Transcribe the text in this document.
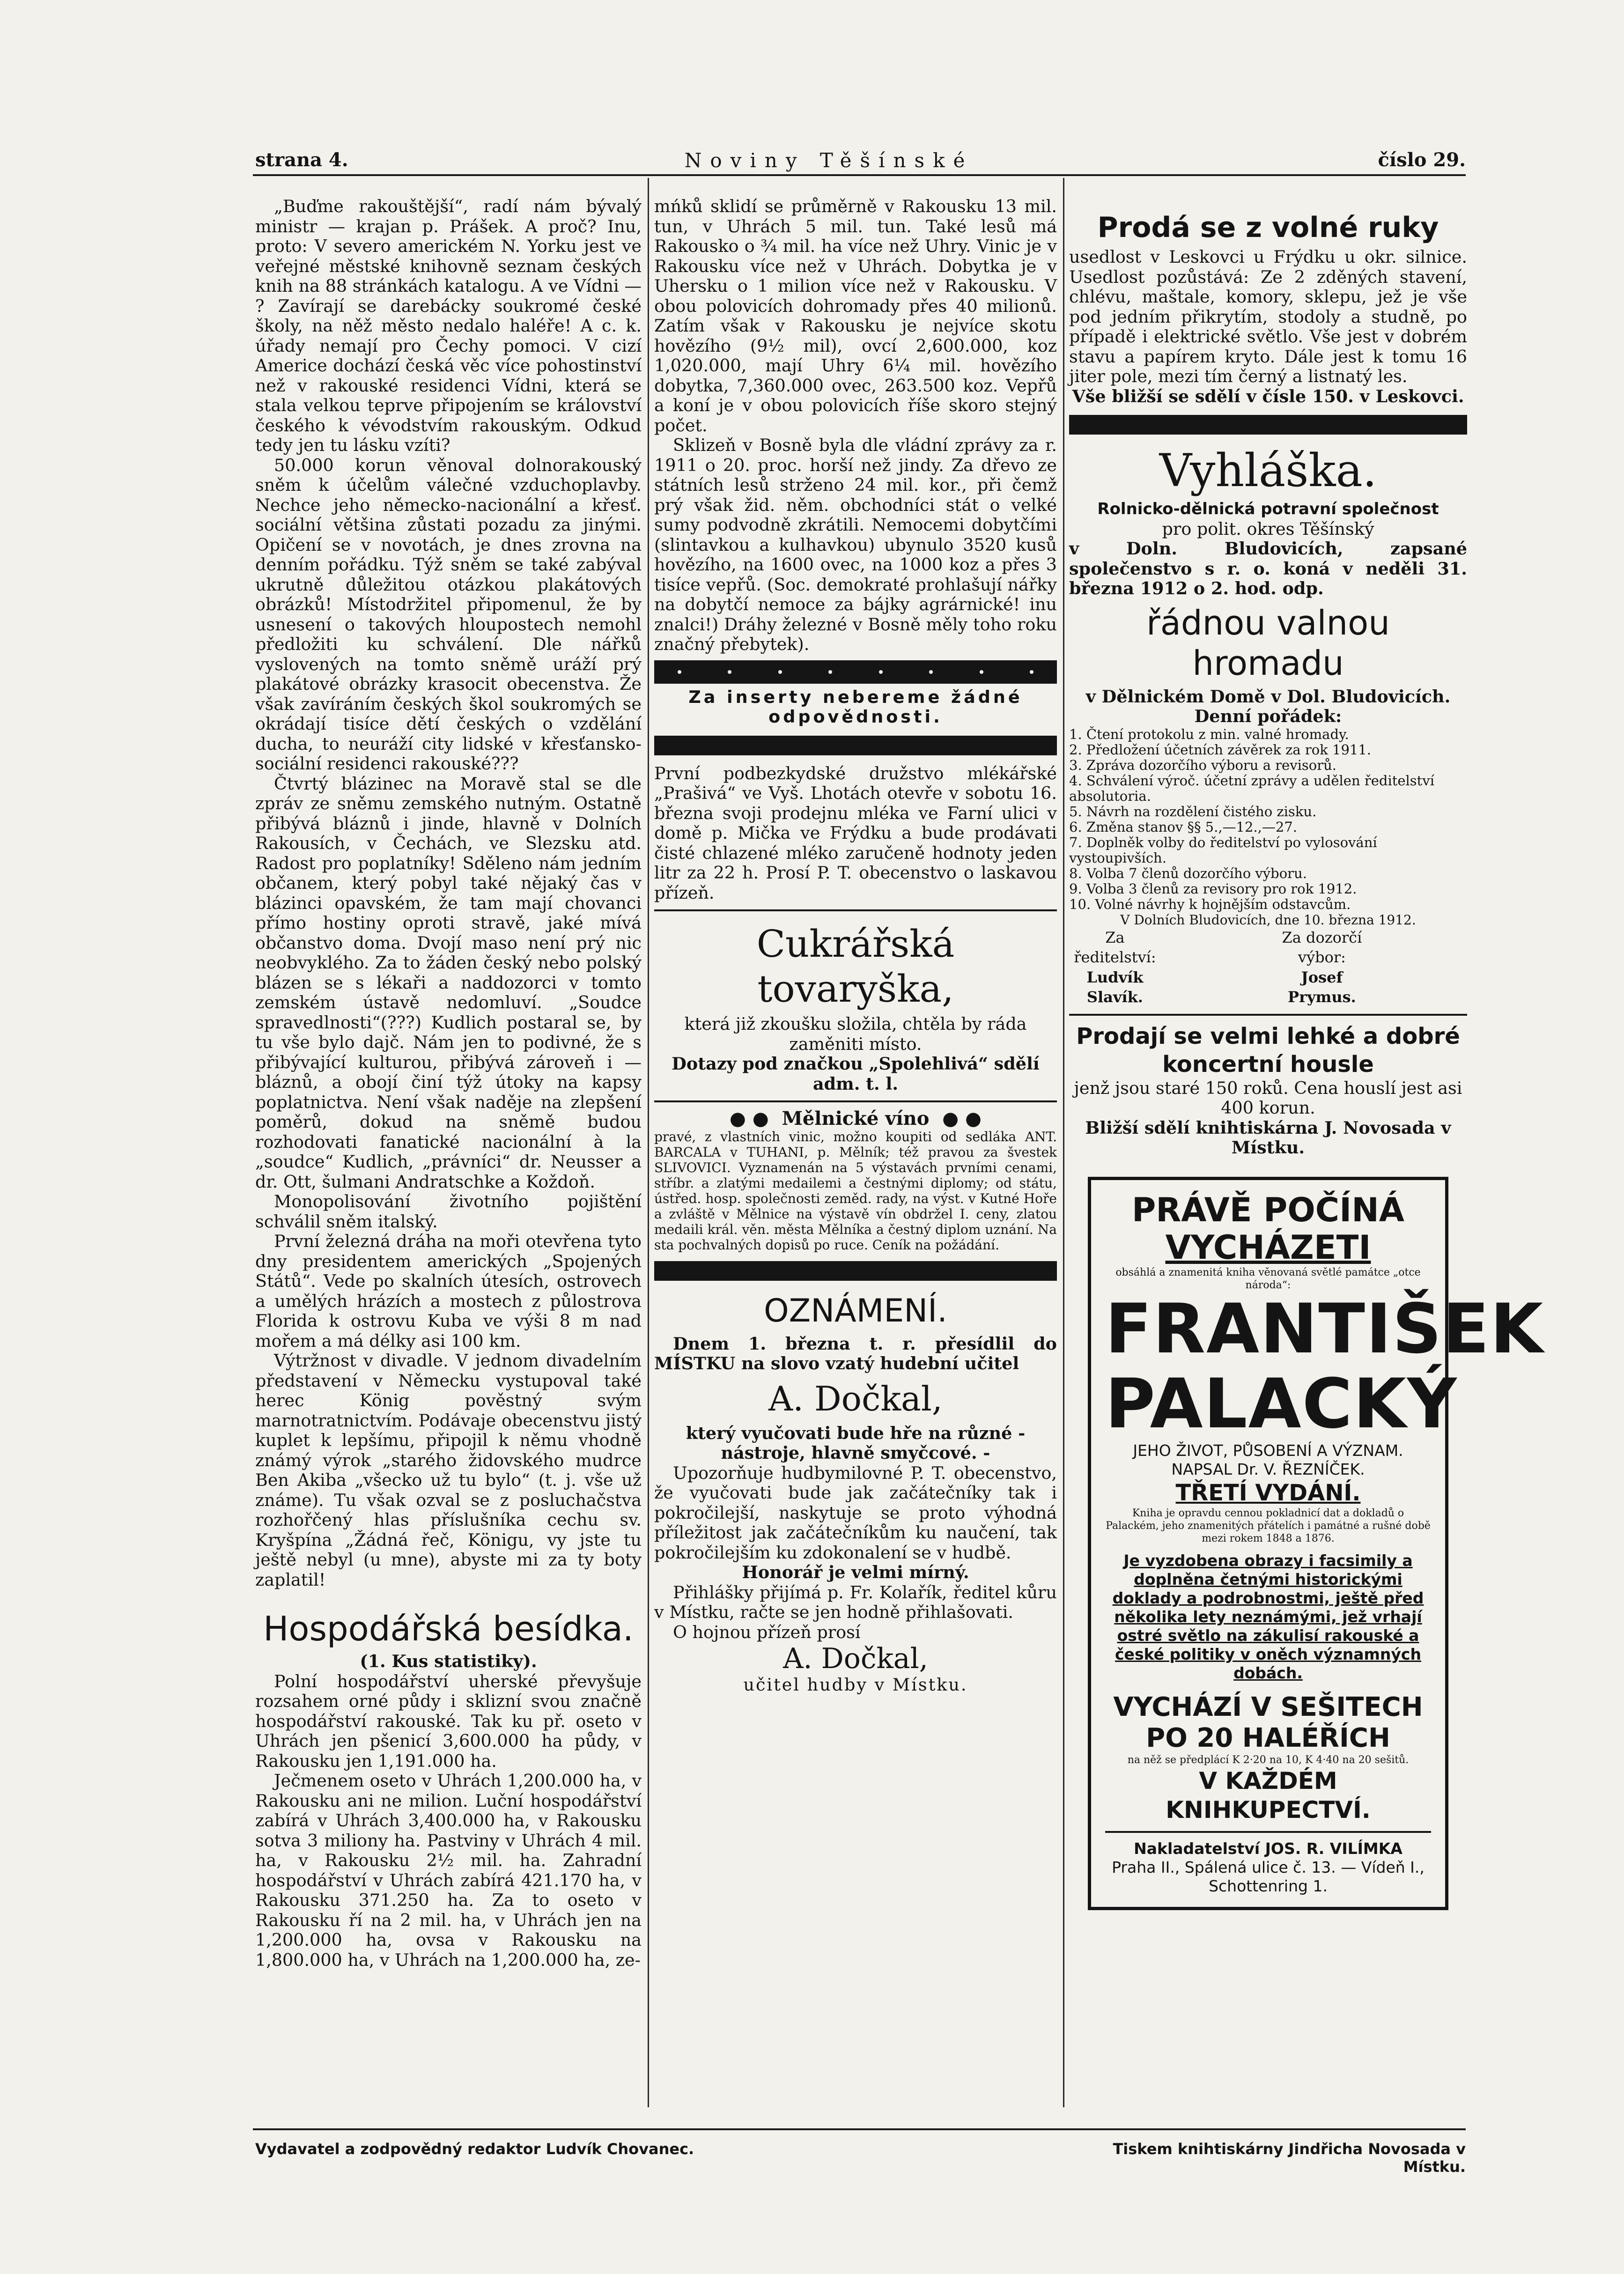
strana 4.	Noviny Těšínské	číslo 29.

„Buďme rakouštější“, radí nám bývalý ministr — krajan p. Prášek. A proč? Inu, proto: V severo americkém N. Yorku jest ve veřejné městské knihovně seznam českých knih na 88 stránkách katalogu. A ve Vídni — ? Zavírají se darebácky soukromé české školy, na něž město nedalo haléře! A c. k. úřady nemají pro Čechy pomoci. V cizí Americe dochází česká věc více pohostinství než v rakouské residenci Vídni, která se stala velkou teprve připojením se království českého k vévodstvím rakouským. Odkud tedy jen tu lásku vzíti?

50.000 korun věnoval dolnorakouský sněm k účelům válečné vzduchoplavby. Nechce jeho německo-nacionální a křesť. sociální většina zůstati pozadu za jinými. Opičení se v novotách, je dnes zrovna na denním pořádku. Týž sněm se také zabýval ukrutně důležitou otázkou plakátových obrázků! Místodržitel připomenul, že by usnesení o takových hloupostech nemohl předložiti ku schválení. Dle nářků vyslovených na tomto sněmě uráží prý plakátové obrázky krasocit obecenstva. Že však zavíráním českých škol soukromých se okrádají tisíce dětí českých o vzdělání ducha, to neuráží city lidské v křesťansko-sociální residenci rakouské???

Čtvrtý blázinec na Moravě stal se dle zpráv ze sněmu zemského nutným. Ostatně přibývá bláznů i jinde, hlavně v Dolních Rakousích, v Čechách, ve Slezsku atd. Radost pro poplatníky! Sděleno nám jedním občanem, který pobyl také nějaký čas v blázinci opavském, že tam mají chovanci přímo hostiny oproti stravě, jaké mívá občanstvo doma. Dvojí maso není prý nic neobvyklého. Za to žáden český nebo polský blázen se s lékaři a naddozorci v tomto zemském ústavě nedomluví. „Soudce spravedlnosti“(???) Kudlich postaral se, by tu vše bylo dajč. Nám jen to podivné, že s přibývající kulturou, přibývá zároveň i — bláznů, a obojí činí týž útoky na kapsy poplatnictva. Není však naděje na zlepšení poměrů, dokud na sněmě budou rozhodovati fanatické nacionální à la „soudce“ Kudlich, „právníci“ dr. Neusser a dr. Ott, šulmani Andratschke a Koždoň.

Monopolisování životního pojištění schválil sněm italský.

První železná dráha na moři otevřena tyto dny presidentem amerických „Spojených Států“. Vede po skalních útesích, ostrovech a umělých hrázích a mostech z půlostrova Florida k ostrovu Kuba ve výši 8 m nad mořem a má délky asi 100 km.

Výtržnost v divadle. V jednom divadelním představení v Německu vystupoval také herec König pověstný svým marnotratnictvím. Podávaje obecenstvu jistý kuplet k lepšímu, připojil k němu vhodně známý výrok „starého židovského mudrce Ben Akiba „všecko už tu bylo“ (t. j. vše už známe). Tu však ozval se z posluchačstva rozhořčený hlas příslušníka cechu sv. Kryšpína „Žádná řeč, Königu, vy jste tu ještě nebyl (u mne), abyste mi za ty boty zaplatil!

Hospodářská besídka.

(1. Kus statistiky).

Polní hospodářství uherské převyšuje rozsahem orné půdy i sklizní svou značně hospodářství rakouské. Tak ku př. oseto v Uhrách jen pšenicí 3,600.000 ha půdy, v Rakousku jen 1,191.000 ha.

Ječmenem oseto v Uhrách 1,200.000 ha, v Rakousku ani ne milion. Luční hospodářství zabírá v Uhrách 3,400.000 ha, v Rakousku sotva 3 miliony ha. Pastviny v Uhrách 4 mil. ha, v Rakousku 2½ mil. ha. Zahradní hospodářství v Uhrách zabírá 421.170 ha, v Rakousku 371.250 ha. Za to oseto v Rakousku ří na 2 mil. ha, v Uhrách jen na 1,200.000 ha, ovsa v Rakousku na 1,800.000 ha, v Uhrách na 1,200.000 ha, ze-

mńků sklidí se průměrně v Rakousku 13 mil. tun, v Uhrách 5 mil. tun. Také lesů má Rakousko o ¾ mil. ha více než Uhry. Vinic je v Rakousku více než v Uhrách. Dobytka je v Uhersku o 1 milion více než v Rakousku. V obou polovicích dohromady přes 40 milionů. Zatím však v Rakousku je nejvíce skotu hovězího (9½ mil), ovcí 2,600.000, koz 1,020.000, mají Uhry 6¼ mil. hovězího dobytka, 7,360.000 ovec, 263.500 koz. Vepřů a koní je v obou polovicích říše skoro stejný počet.

Sklizeň v Bosně byla dle vládní zprávy za r. 1911 o 20. proc. horší než jindy. Za dřevo ze státních lesů strženo 24 mil. kor., při čemž prý však žid. něm. obchodníci stát o velké sumy podvodně zkrátili. Nemocemi dobytčími (slintavkou a kulhavkou) ubynulo 3520 kusů hovězího, na 1600 ovec, na 1000 koz a přes 3 tisíce vepřů. (Soc. demokraté prohlašují nářky na dobytčí nemoce za bájky agrárnické! inu znalci!) Dráhy železné v Bosně měly toho roku značný přebytek).

Za inserty nebereme žádné odpovědnosti.

První podbezkydské družstvo mlékářské „Prašivá“ ve Vyš. Lhotách otevře v sobotu 16. března svoji prodejnu mléka ve Farní ulici v domě p. Mička ve Frýdku a bude prodávati čisté chlazené mléko zaručeně hodnoty jeden litr za 22 h. Prosí P. T. obecenstvo o laskavou přízeň.

Cukrářská tovaryška,

která již zkoušku složila, chtěla by ráda zaměniti místo.

Dotazy pod značkou „Spolehlivá“ sdělí adm. t. l.

● ●  Mělnické víno  ● ●

pravé, z vlastních vinic, možno koupiti od sedláka ANT. BARCALA v TUHANI, p. Mělník; též pravou za švestek SLIVOVICI. Vyznamenán na 5 výstavách prvními cenami, stříbr. a zlatými medailemi a čestnými diplomy; od státu, ústřed. hosp. společnosti zeměd. rady, na výst. v Kutné Hoře a zvláště v Mělnice na výstavě vín obdržel I. ceny, zlatou medaili král. věn. města Mělníka a čestný diplom uznání. Na sta pochvalných dopisů po ruce. Ceník na požádání.

OZNÁMENÍ.

Dnem 1. března t. r. přesídlil do MÍSTKU na slovo vzatý hudební učitel

A. Dočkal,

který vyučovati bude hře na různé - nástroje, hlavně smyčcové. -

Upozorňuje hudbymilovné P. T. obecenstvo, že vyučovati bude jak začátečníky tak i pokročilejší, naskytuje se proto výhodná příležitost jak začátečníkům ku naučení, tak pokročilejším ku zdokonalení se v hudbě.

Honorář je velmi mírný.

Přihlášky přijímá p. Fr. Kolařík, ředitel kůru v Místku, račte se jen hodně přihlašovati.

O hojnou přízeň prosí

A. Dočkal,

učitel hudby v Místku.

Prodá se z volné ruky

usedlost v Leskovci u Frýdku u okr. silnice. Usedlost pozůstává: Ze 2 zděných stavení, chlévu, maštale, komory, sklepu, jež je vše pod jedním přikrytím, stodoly a studně, po případě i elektrické světlo. Vše jest v dobrém stavu a papírem kryto. Dále jest k tomu 16 jiter pole, mezi tím černý a listnatý les.

Vše bližší se sdělí v čísle 150. v Leskovci.

Vyhláška.

Rolnicko-dělnická potravní společnost

pro polit. okres Těšínský

v Doln. Bludovicích, zapsané společenstvo s r. o. koná v neděli 31. března 1912 o 2. hod. odp.

řádnou valnou hromadu

v Dělnickém Domě v Dol. Bludovicích.

Denní pořádek:

1. Čtení protokolu z min. valné hromady.
2. Předložení účetních závěrek za rok 1911.
3. Zpráva dozorčího výboru a revisorů.
4. Schválení výroč. účetní zprávy a udělen ředitelství absolutoria.
5. Návrh na rozdělení čistého zisku.
6. Změna stanov §§ 5.,—12.,—27.
7. Doplněk volby do ředitelství po vylosování vystoupivších.
8. Volba 7 členů dozorčího výboru.
9. Volba 3 členů za revisory pro rok 1912.
10. Volné návrhy k hojnějším odstavcům.

V Dolních Bludovicích, dne 10. března 1912.

Za ředitelství:
Ludvík Slavík.
Za dozorčí výbor:
Josef Prymus.

Prodají se velmi lehké a dobré koncertní housle

jenž jsou staré 150 roků. Cena houslí jest asi 400 korun.

Bližší sdělí knihtiskárna J. Novosada v Místku.

PRÁVĚ POČÍNÁ
VYCHÁZETI
obsáhlá a znamenitá kniha věnovaná světlé památce „otce národa“:
FRANTIŠEK
PALACKÝ
JEHO ŽIVOT, PŮSOBENÍ A VÝZNAM.
NAPSAL Dr. V. ŘEZNÍČEK.
TŘETÍ VYDÁNÍ.
Kniha je opravdu cennou pokladnicí dat a dokladů o Palackém, jeho znamenitých přátelích i památné a rušné době mezi rokem 1848 a 1876.
Je vyzdobena obrazy i facsimily a doplněna četnými historickými doklady a podrobnostmi, ještě před několika lety neznámými, jež vrhají ostré světlo na zákulisí rakouské a české politiky v oněch významných dobách.
VYCHÁZÍ V SEŠITECH
PO 20 HALÉŘÍCH
na něž se předplácí K 2·20 na 10, K 4·40 na 20 sešitů.
V KAŽDÉM KNIHKUPECTVÍ.
Nakladatelství JOS. R. VILÍMKA
Praha II., Spálená ulice č. 13. — Vídeň I., Schottenring 1.
Vydavatel a zodpovědný redaktor Ludvík Chovanec.	Tiskem knihtiskárny Jindřicha Novosada v Místku.
